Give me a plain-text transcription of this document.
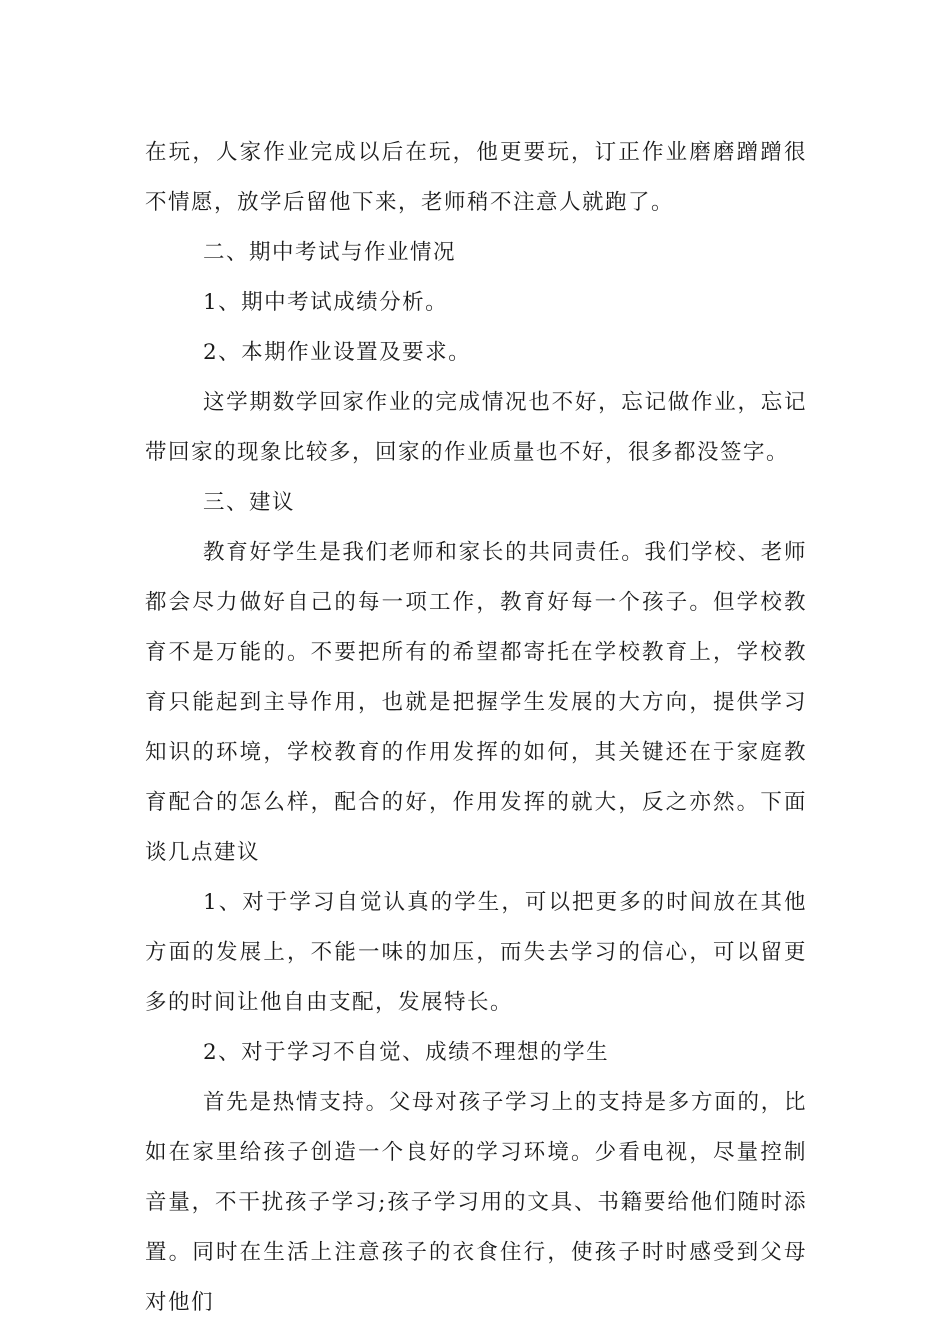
在玩，人家作业完成以后在玩，他更要玩，订正作业磨磨蹭蹭很不情愿，放学后留他下来，老师稍不注意人就跑了。

二、期中考试与作业情况

1、期中考试成绩分析。

2、本期作业设置及要求。

这学期数学回家作业的完成情况也不好，忘记做作业，忘记带回家的现象比较多，回家的作业质量也不好，很多都没签字。

三、建议

教育好学生是我们老师和家长的共同责任。我们学校、老师都会尽力做好自己的每一项工作，教育好每一个孩子。但学校教育不是万能的。不要把所有的希望都寄托在学校教育上，学校教育只能起到主导作用，也就是把握学生发展的大方向，提供学习知识的环境，学校教育的作用发挥的如何，其关键还在于家庭教育配合的怎么样，配合的好，作用发挥的就大，反之亦然。下面谈几点建议

1、对于学习自觉认真的学生，可以把更多的时间放在其他方面的发展上，不能一味的加压，而失去学习的信心，可以留更多的时间让他自由支配，发展特长。

2、对于学习不自觉、成绩不理想的学生

首先是热情支持。父母对孩子学习上的支持是多方面的，比如在家里给孩子创造一个良好的学习环境。少看电视，尽量控制音量，不干扰孩子学习;孩子学习用的文具、书籍要给他们随时添置。同时在生活上注意孩子的衣食住行，使孩子时时感受到父母对他们
